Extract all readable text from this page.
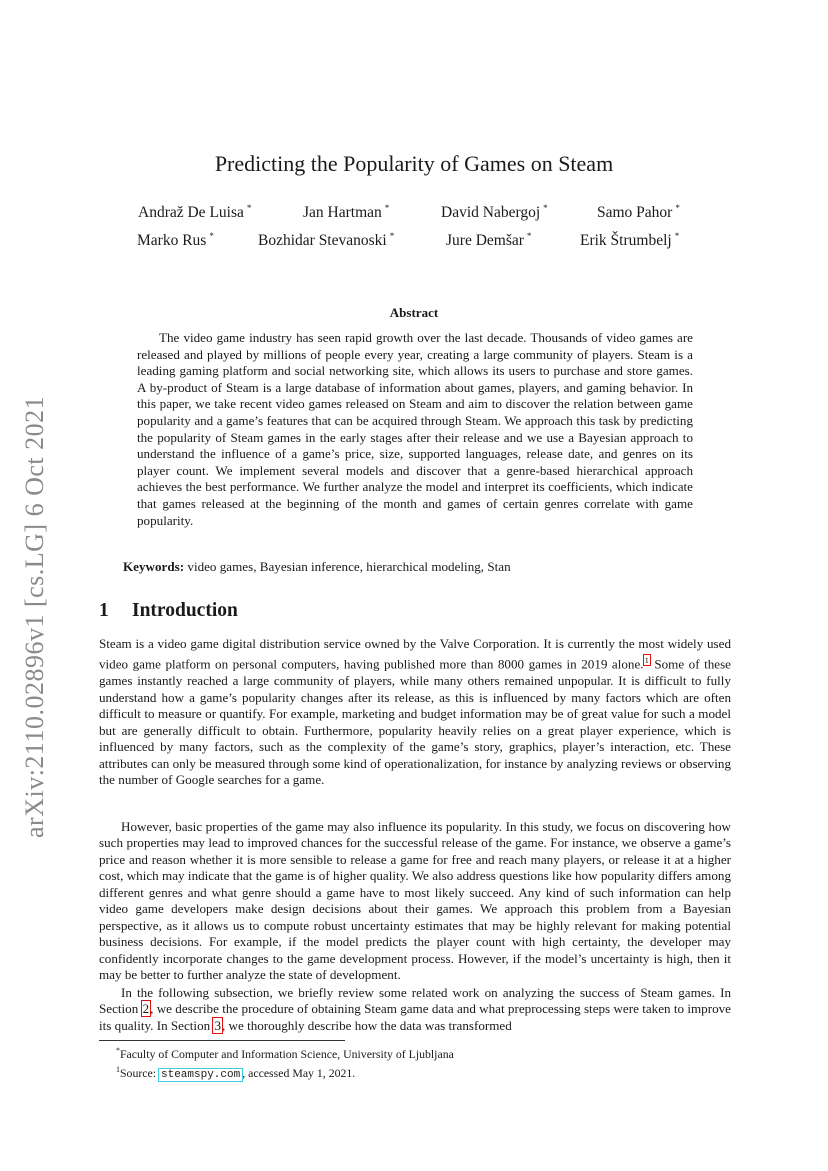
arXiv:2110.02896v1 [cs.LG] 6 Oct 2021
Predicting the Popularity of Games on Steam
Andraž De Luisa *	Jan Hartman *	David Nabergoj *	Samo Pahor *
Marko Rus *	Bozhidar Stevanoski *	Jure Demšar *	Erik Štrumbelj *
Abstract
The video game industry has seen rapid growth over the last decade. Thousands of video games are released and played by millions of people every year, creating a large community of players. Steam is a leading gaming platform and social networking site, which allows its users to purchase and store games. A by-product of Steam is a large database of information about games, players, and gaming behavior. In this paper, we take recent video games released on Steam and aim to discover the relation between game popularity and a game’s features that can be acquired through Steam. We approach this task by predicting the popularity of Steam games in the early stages after their release and we use a Bayesian approach to understand the influence of a game’s price, size, supported languages, release date, and genres on its player count. We implement several models and discover that a genre-based hierarchical approach achieves the best performance. We further analyze the model and interpret its coefficients, which indicate that games released at the beginning of the month and games of certain genres correlate with game popularity.
Keywords: video games, Bayesian inference, hierarchical modeling, Stan
1 Introduction
Steam is a video game digital distribution service owned by the Valve Corporation. It is currently the most widely used video game platform on personal computers, having published more than 8000 games in 2019 alone.$^1$ Some of these games instantly reached a large community of players, while many others remained unpopular. It is difficult to fully understand how a game’s popularity changes after its release, as this is influenced by many factors which are often difficult to measure or quantify. For example, marketing and budget information may be of great value for such a model but are generally difficult to obtain. Furthermore, popularity heavily relies on a great player experience, which is influenced by many factors, such as the complexity of the game’s story, graphics, player’s interaction, etc. These attributes can only be measured through some kind of operationalization, for instance by analyzing reviews or observing the number of Google searches for a game.
However, basic properties of the game may also influence its popularity. In this study, we focus on discovering how such properties may lead to improved chances for the successful release of the game. For instance, we observe a game’s price and reason whether it is more sensible to release a game for free and reach many players, or release it at a higher cost, which may indicate that the game is of higher quality. We also address questions like how popularity differs among different genres and what genre should a game have to most likely succeed. Any kind of such information can help video game developers make design decisions about their games. We approach this problem from a Bayesian perspective, as it allows us to compute robust uncertainty estimates that may be highly relevant for making potential business decisions. For example, if the model predicts the player count with high certainty, the developer may confidently incorporate changes to the game development process. However, if the model’s uncertainty is high, then it may be better to further analyze the state of development.
In the following subsection, we briefly review some related work on analyzing the success of Steam games. In Section 2, we describe the procedure of obtaining Steam game data and what preprocessing steps were taken to improve its quality. In Section 3, we thoroughly describe how the data was transformed
*Faculty of Computer and Information Science, University of Ljubljana
$^1$Source: steamspy.com , accessed May 1, 2021.
